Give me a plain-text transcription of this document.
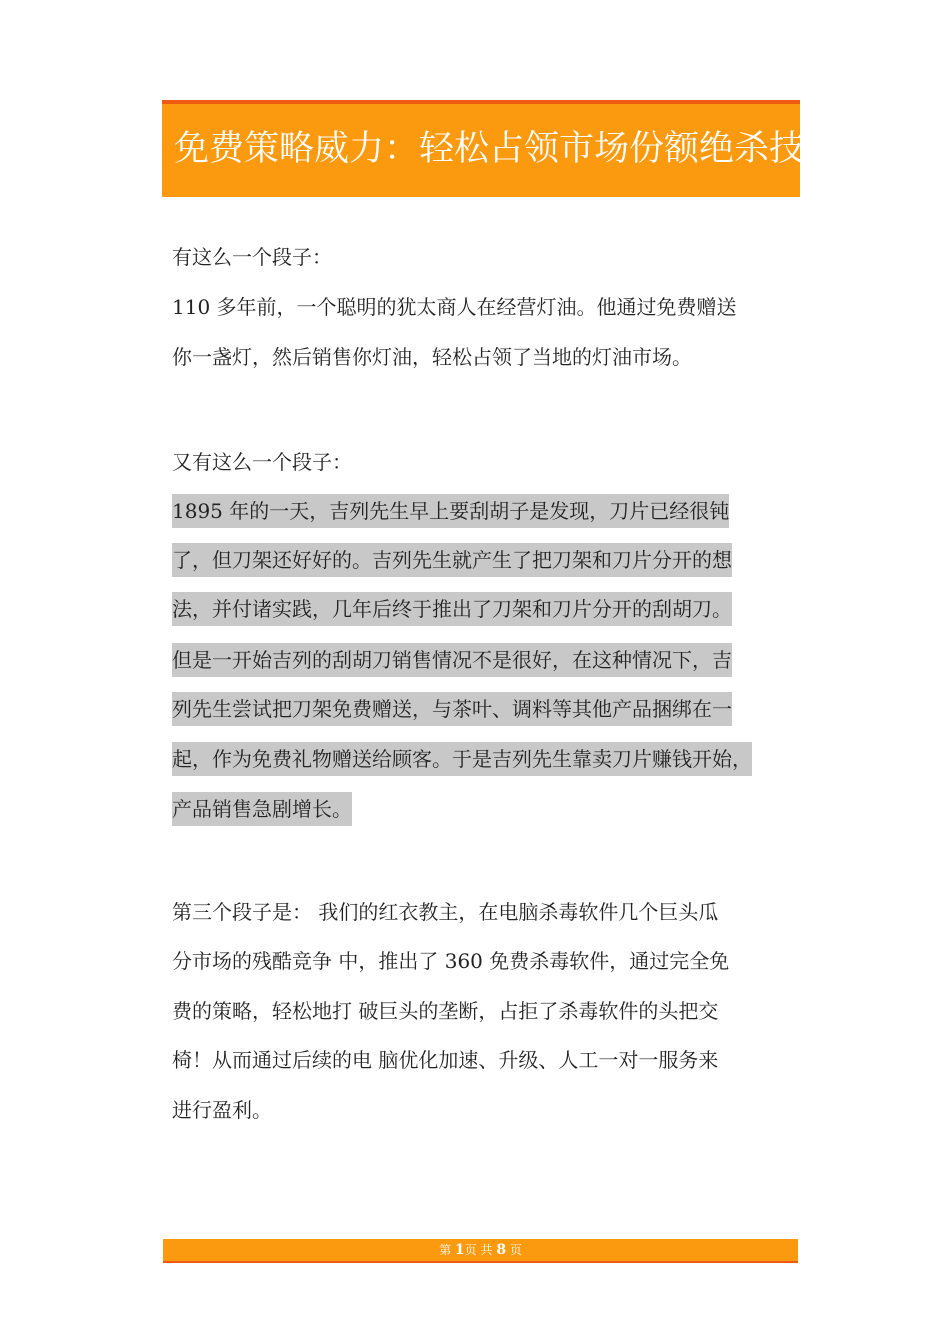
免费策略威力：轻松占领市场份额绝杀技
有这么一个段子：
110 多年前，一个聪明的犹太商人在经营灯油。他通过免费赠送
你一盏灯，然后销售你灯油，轻松占领了当地的灯油市场。
又有这么一个段子：
1895 年的一天，吉列先生早上要刮胡子是发现，刀片已经很钝
了，但刀架还好好的。吉列先生就产生了把刀架和刀片分开的想
法，并付诸实践，几年后终于推出了刀架和刀片分开的刮胡刀。
但是一开始吉列的刮胡刀销售情况不是很好，在这种情况下，吉
列先生尝试把刀架免费赠送，与茶叶、调料等其他产品捆绑在一
起，作为免费礼物赠送给顾客。于是吉列先生靠卖刀片赚钱开始，
产品销售急剧增长。
第三个段子是： 我们的红衣教主，在电脑杀毒软件几个巨头瓜
分市场的残酷竞争 中，推出了 360 免费杀毒软件，通过完全免
费的策略，轻松地打 破巨头的垄断，占拒了杀毒软件的头把交
椅！从而通过后续的电 脑优化加速、升级、人工一对一服务来
进行盈利。
第 1页 共 8 页
